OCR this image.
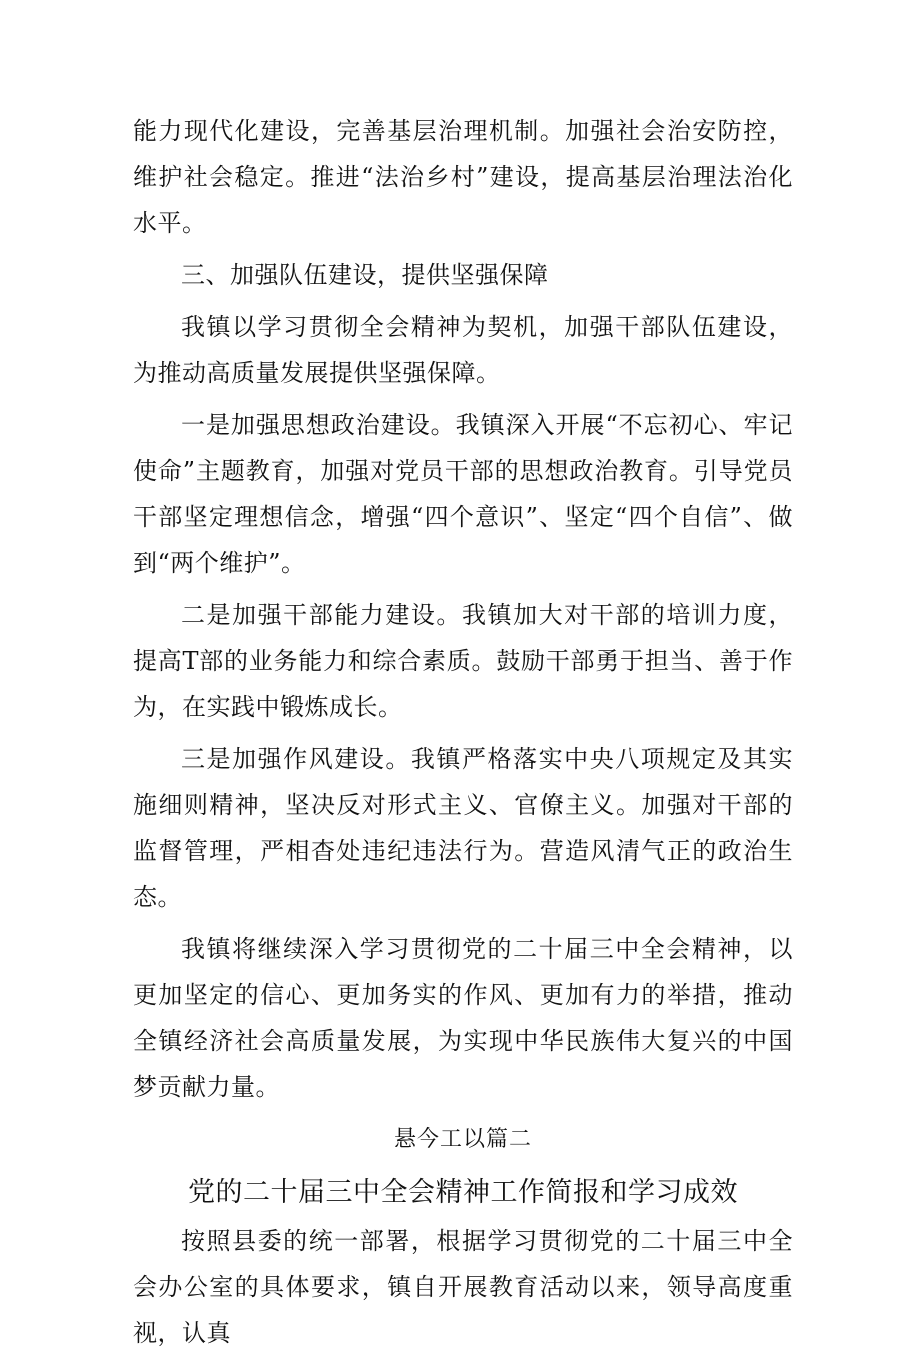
能力现代化建设，完善基层治理机制。加强社会治安防控，维护社会稳定。推进“法治乡村”建设，提高基层治理法治化水平。

三、加强队伍建设，提供坚强保障

我镇以学习贯彻全会精神为契机，加强干部队伍建设，为推动高质量发展提供坚强保障。

一是加强思想政治建设。我镇深入开展“不忘初心、牢记使命”主题教育，加强对党员干部的思想政治教育。引导党员干部坚定理想信念，增强“四个意识”、坚定“四个自信”、做到“两个维护”。

二是加强干部能力建设。我镇加大对干部的培训力度，提高T部的业务能力和综合素质。鼓励干部勇于担当、善于作为，在实践中锻炼成长。

三是加强作风建设。我镇严格落实中央八项规定及其实施细则精神，坚决反对形式主义、官僚主义。加强对干部的监督管理，严相杳处违纪违法行为。营造风清气正的政治生态。

我镇将继续深入学习贯彻党的二十届三中全会精神，以更加坚定的信心、更加务实的作风、更加有力的举措，推动全镇经济社会高质量发展，为实现中华民族伟大复兴的中国梦贡献力量。

悬今工以篇二
党的二十届三中全会精神工作简报和学习成效

按照县委的统一部署，根据学习贯彻党的二十届三中全会办公室的具体要求，镇自开展教育活动以来，领导高度重视，认真
